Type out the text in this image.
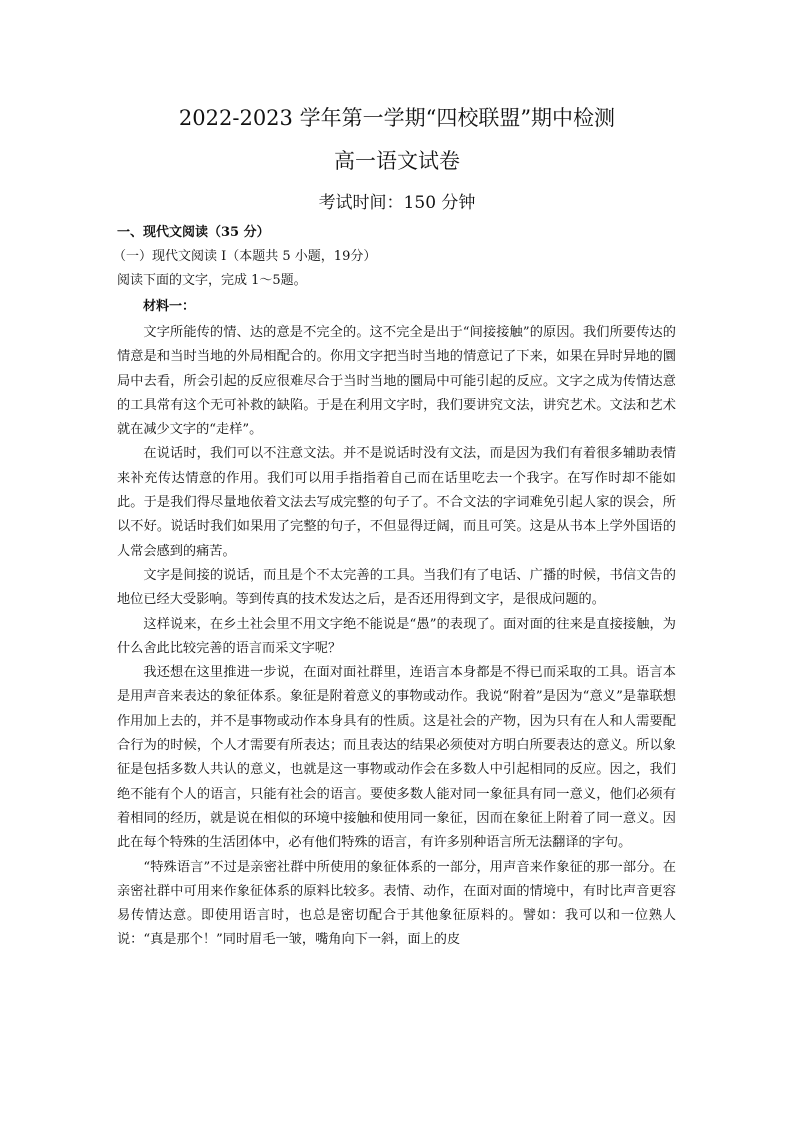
2022-2023 学年第一学期“四校联盟”期中检测
高一语文试卷
考试时间：150 分钟
一、现代文阅读（35 分）
（一）现代文阅读 I（本题共 5 小题，19分）
阅读下面的文字，完成 1～5题。
材料一：

文字所能传的情、达的意是不完全的。这不完全是出于“间接接触”的原因。我们所要传达的情意是和当时当地的外局相配合的。你用文字把当时当地的情意记了下来，如果在异时异地的圜局中去看，所会引起的反应很难尽合于当时当地的圜局中可能引起的反应。文字之成为传情达意的工具常有这个无可补救的缺陷。于是在利用文字时，我们要讲究文法，讲究艺术。文法和艺术就在减少文字的“走样”。

在说话时，我们可以不注意文法。并不是说话时没有文法，而是因为我们有着很多辅助表情来补充传达情意的作用。我们可以用手指指着自己而在话里吃去一个我字。在写作时却不能如此。于是我们得尽量地依着文法去写成完整的句子了。不合文法的字词难免引起人家的误会，所以不好。说话时我们如果用了完整的句子，不但显得迂阔，而且可笑。这是从书本上学外国语的人常会感到的痛苦。

文字是间接的说话，而且是个不太完善的工具。当我们有了电话、广播的时候，书信文告的地位已经大受影响。等到传真的技术发达之后，是否还用得到文字，是很成问题的。

这样说来，在乡土社会里不用文字绝不能说是“愚”的表现了。面对面的往来是直接接触，为什么舍此比较完善的语言而采文字呢？

我还想在这里推进一步说，在面对面社群里，连语言本身都是不得已而采取的工具。语言本是用声音来表达的象征体系。象征是附着意义的事物或动作。我说“附着”是因为“意义”是靠联想作用加上去的，并不是事物或动作本身具有的性质。这是社会的产物，因为只有在人和人需要配合行为的时候，个人才需要有所表达；而且表达的结果必须使对方明白所要表达的意义。所以象征是包括多数人共认的意义，也就是这一事物或动作会在多数人中引起相同的反应。因之，我们绝不能有个人的语言，只能有社会的语言。要使多数人能对同一象征具有同一意义，他们必须有着相同的经历，就是说在相似的环境中接触和使用同一象征，因而在象征上附着了同一意义。因此在每个特殊的生活团体中，必有他们特殊的语言，有许多别种语言所无法翻译的字句。

“特殊语言”不过是亲密社群中所使用的象征体系的一部分，用声音来作象征的那一部分。在亲密社群中可用来作象征体系的原料比较多。表情、动作，在面对面的情境中，有时比声音更容易传情达意。即使用语言时，也总是密切配合于其他象征原料的。譬如：我可以和一位熟人说：“真是那个！”同时眉毛一皱，嘴角向下一斜，面上的皮
